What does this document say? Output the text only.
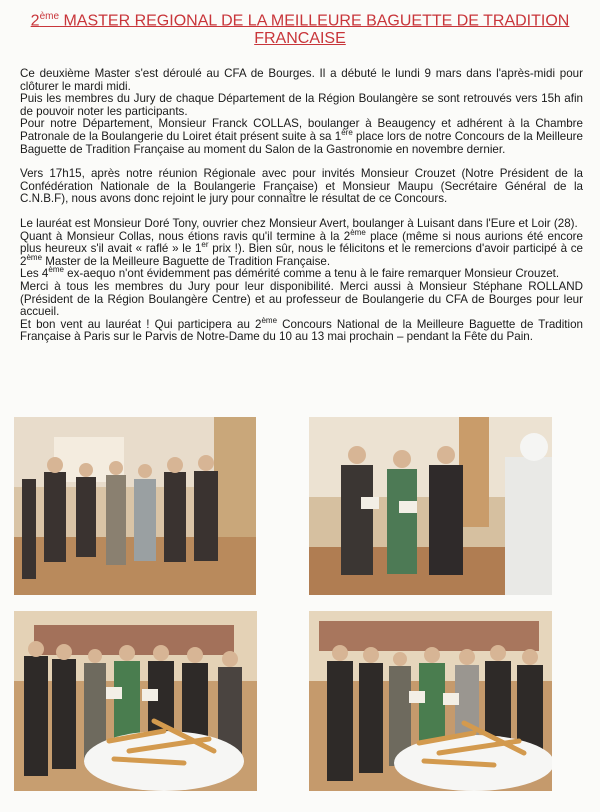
2ème MASTER REGIONAL DE LA MEILLEURE BAGUETTE DE TRADITION
FRANCAISE

Ce deuxième Master s'est déroulé au CFA de Bourges. Il a débuté le lundi 9 mars dans l'après-midi pour clôturer le mardi midi.

Puis les membres du Jury de chaque Département de la Région Boulangère se sont retrouvés vers 15h afin de pouvoir noter les participants.

Pour notre Département, Monsieur Franck COLLAS, boulanger à Beaugency et adhérent à la Chambre Patronale de la Boulangerie du Loiret était présent suite à sa 1ère place lors de notre Concours de la Meilleure Baguette de Tradition Française au moment du Salon de la Gastronomie en novembre dernier.

Vers 17h15, après notre réunion Régionale avec pour invités Monsieur Crouzet (Notre Président de la Confédération Nationale de la Boulangerie Française) et Monsieur Maupu (Secrétaire Général de la C.N.B.F), nous avons donc rejoint le jury pour connaître le résultat de ce Concours.

Le lauréat est Monsieur Doré Tony, ouvrier chez Monsieur Avert, boulanger à Luisant dans l'Eure et Loir (28).

Quant à Monsieur Collas, nous étions ravis qu'il termine à la 2ème place (même si nous aurions été encore plus heureux s'il avait « raflé » le 1er prix !). Bien sûr, nous le félicitons et le remercions d'avoir participé à ce 2ème Master de la Meilleure Baguette de Tradition Française.

Les 4ème ex-aequo n'ont évidemment pas démérité comme a tenu à le faire remarquer Monsieur Crouzet.

Merci à tous les membres du Jury pour leur disponibilité. Merci aussi à Monsieur Stéphane ROLLAND (Président de la Région Boulangère Centre) et au professeur de Boulangerie du CFA de Bourges pour leur accueil.

Et bon vent au lauréat ! Qui participera au 2ème Concours National de la Meilleure Baguette de Tradition Française à Paris sur le Parvis de Notre-Dame du 10 au 13 mai prochain – pendant la Fête du Pain.
